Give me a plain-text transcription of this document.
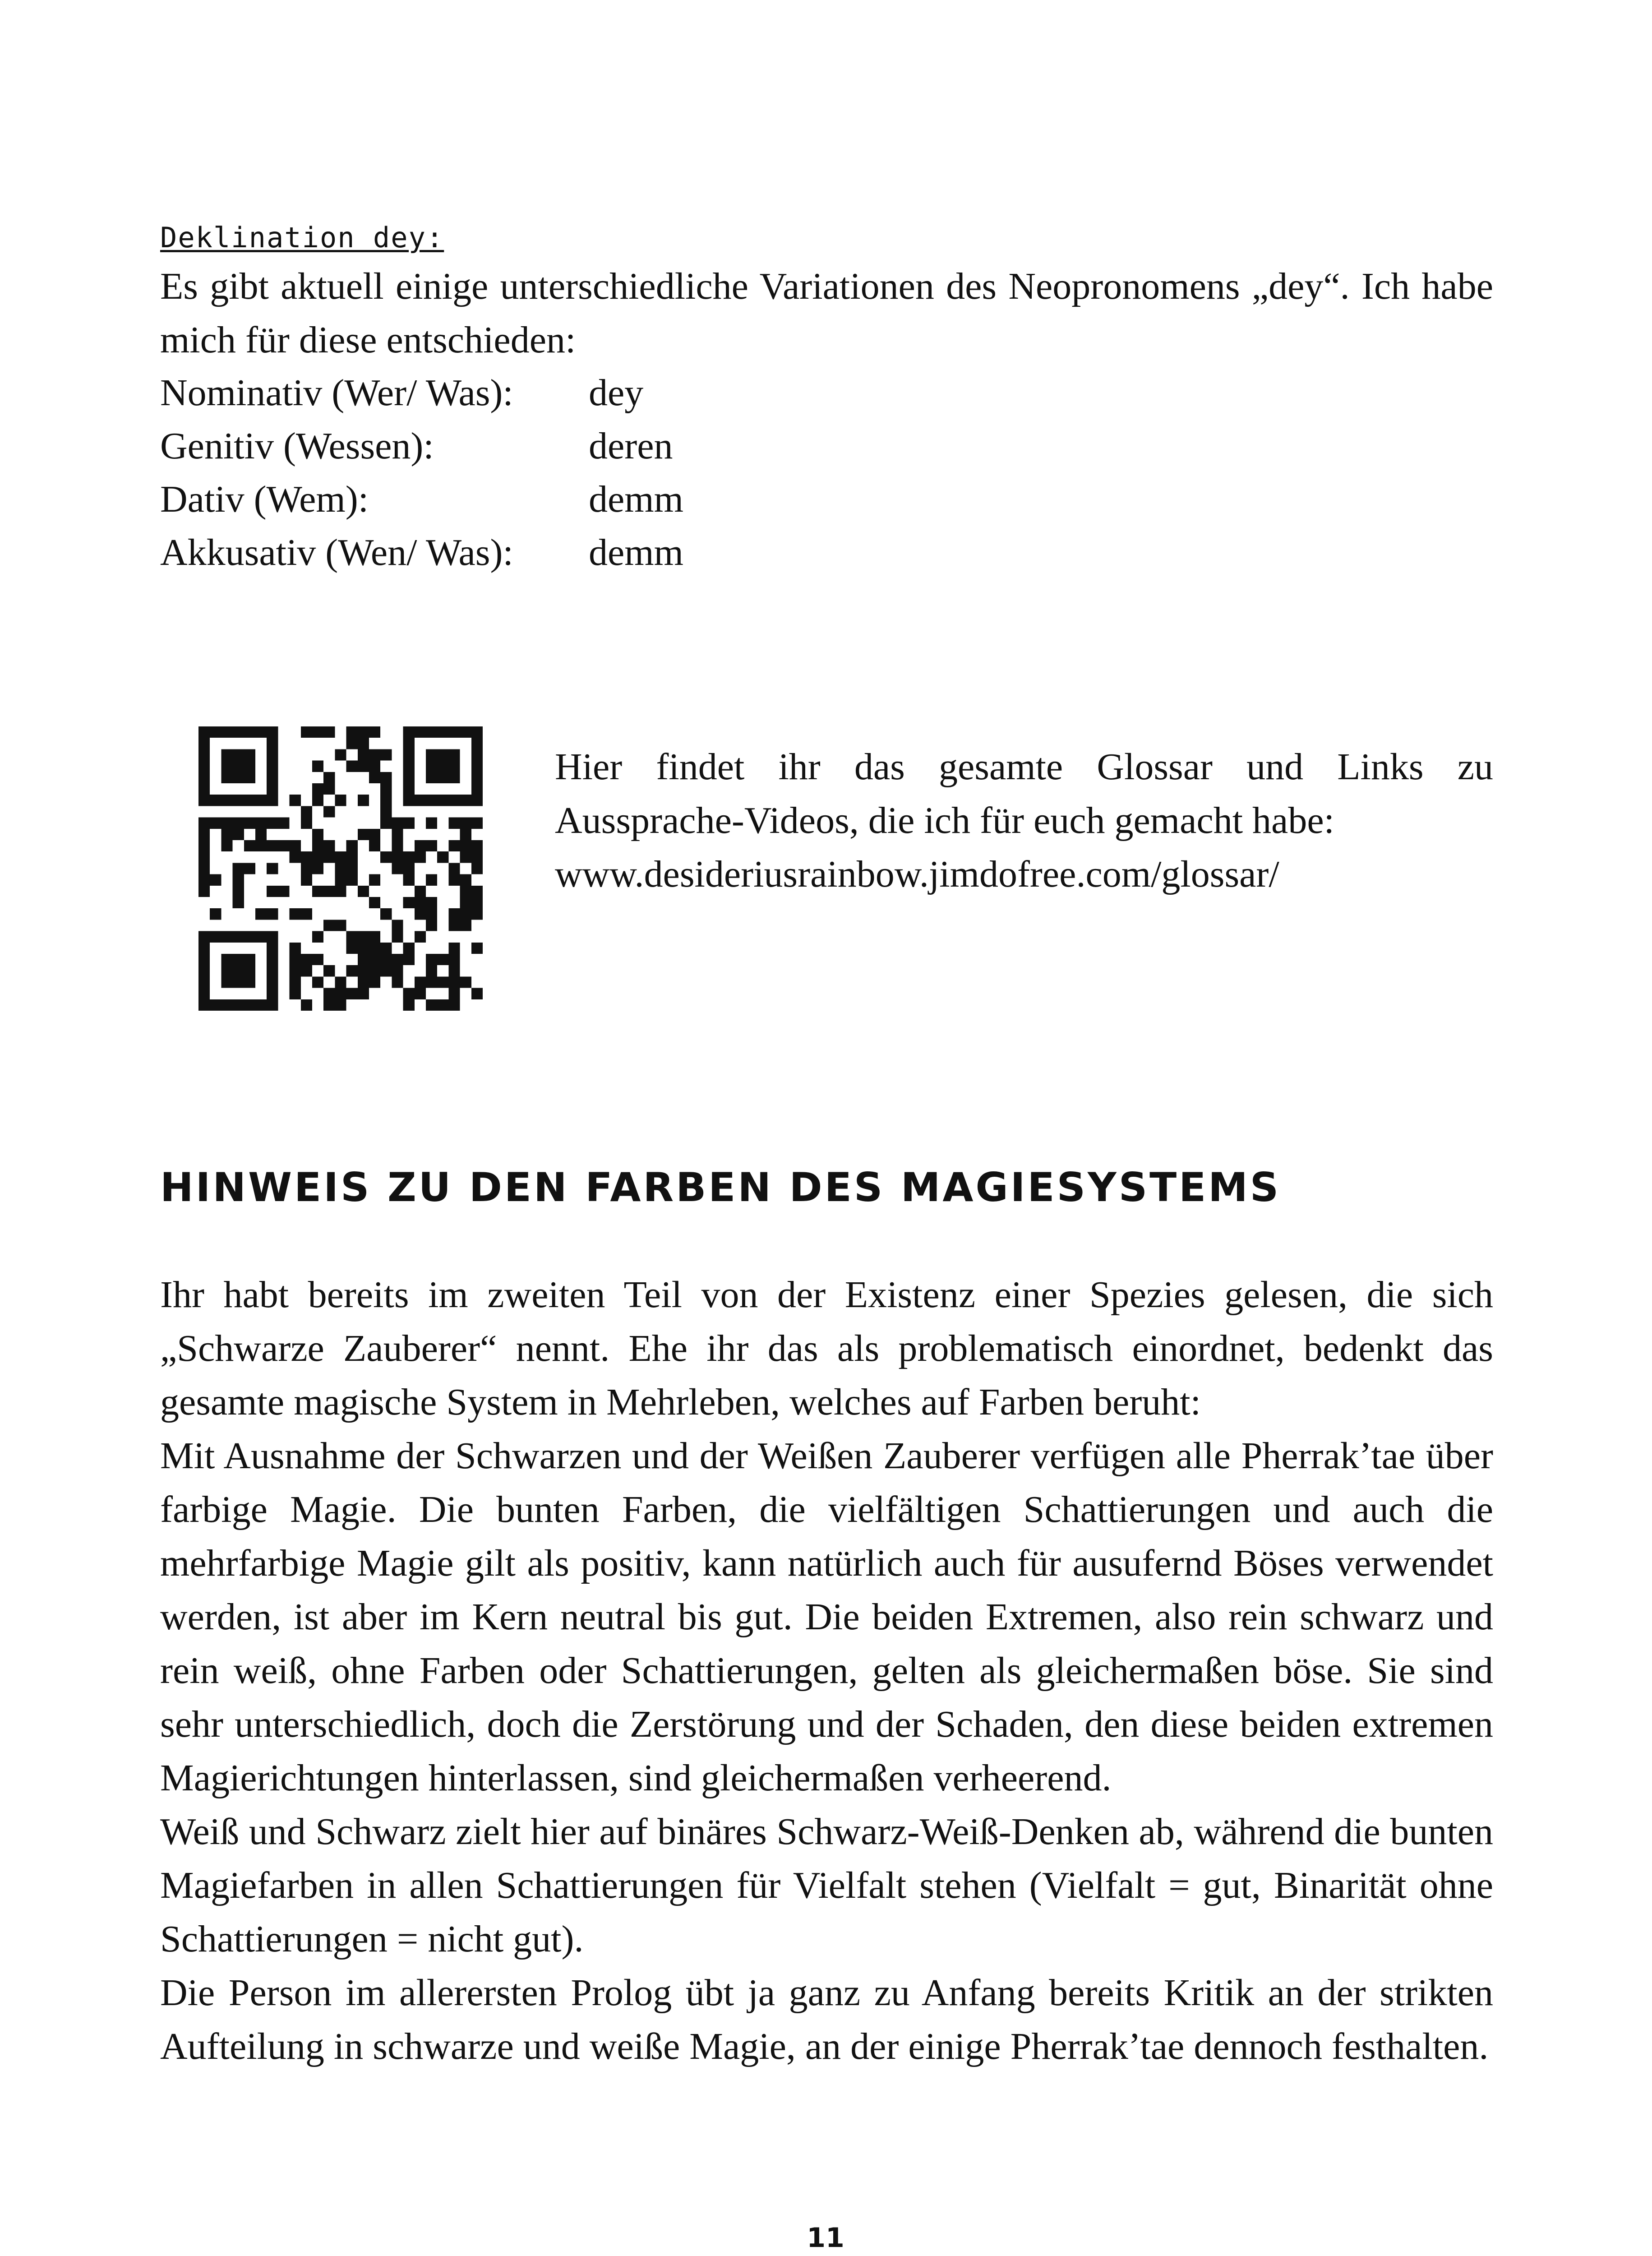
Deklination dey:

Es gibt aktuell einige unterschiedliche Variationen des Neopronomens „dey“. Ich habe mich für diese entschieden:

Nominativ (Wer/ Was):	dey
Genitiv (Wessen):	deren
Dativ (Wem):	demm
Akkusativ (Wen/ Was):	demm
Hier findet ihr das gesamte Glossar und Links zu
Aussprache-Videos, die ich für euch gemacht habe:
www.desideriusrainbow.jimdofree.com/glossar/
HINWEIS ZU DEN FARBEN DES MAGIESYSTEMS

Ihr habt bereits im zweiten Teil von der Existenz einer Spezies gelesen, die sich „Schwarze Zauberer“ nennt. Ehe ihr das als problematisch einordnet, bedenkt das gesamte magische System in Mehrleben, welches auf Farben beruht:

Mit Ausnahme der Schwarzen und der Weißen Zauberer verfügen alle Pherrak’tae über farbige Magie. Die bunten Farben, die vielfältigen Schattierungen und auch die mehrfarbige Magie gilt als positiv, kann natürlich auch für ausufernd Böses verwendet werden, ist aber im Kern neutral bis gut. Die beiden Extremen, also rein schwarz und rein weiß, ohne Farben oder Schattierungen, gelten als gleichermaßen böse. Sie sind sehr unterschiedlich, doch die Zerstörung und der Schaden, den diese beiden extremen Magierichtungen hinterlassen, sind gleichermaßen verheerend.

Weiß und Schwarz zielt hier auf binäres Schwarz-Weiß-Denken ab, während die bunten Magiefarben in allen Schattierungen für Vielfalt stehen (Vielfalt = gut, Binarität ohne Schattierungen = nicht gut).

Die Person im allerersten Prolog übt ja ganz zu Anfang bereits Kritik an der strikten Aufteilung in schwarze und weiße Magie, an der einige Pherrak’tae dennoch festhalten.

11
